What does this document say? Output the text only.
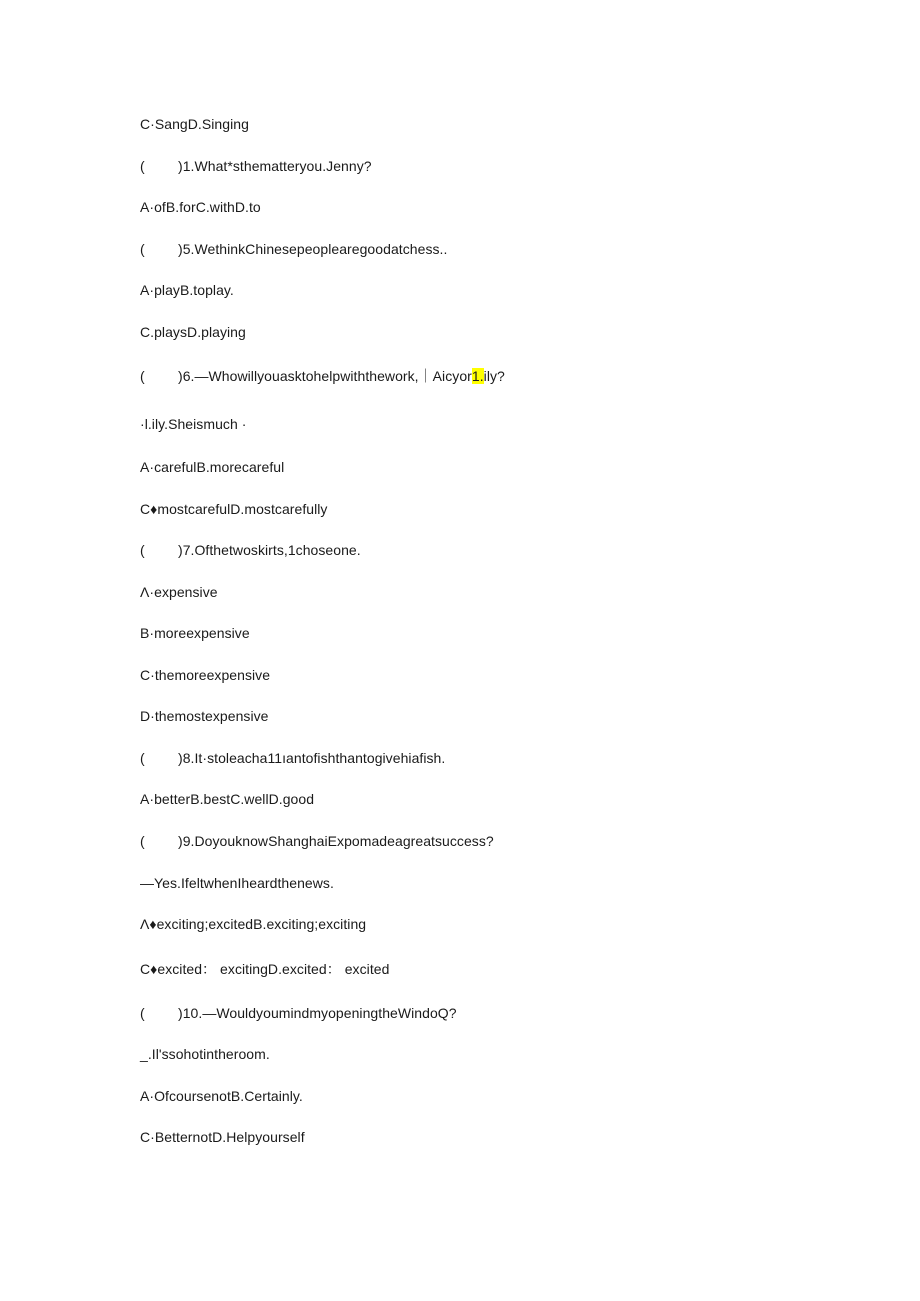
C·SangD.Singing
( )1.What*sthematteryou.Jenny?
A·ofB.forC.withD.to
( )5.WethinkChinesepeoplearegoodatchess..
A·playB.toplay.
C.playsD.playing
( )6.—Whowillyouasktohelpwiththework,｜Aicyor1.ily?
·l.ily.Sheismuch ·
A·carefulB.morecareful
C♦mostcarefulD.mostcarefully
( )7.Ofthetwoskirts,1choseone.
Λ·expensive
B·moreexpensive
C·themoreexpensive
D·themostexpensive
( )8.It·stoleacha11ıantofishthantogivehiafish.
A·betterB.bestC.wellD.good
( )9.DoyouknowShanghaiExpomadeagreatsuccess?
—Yes.IfeltwhenIheardthenews.
Λ♦exciting;excitedB.exciting;exciting
C♦excited： excitingD.excited： excited
( )10.—WouldyoumindmyopeningtheWindoQ?
_.Il'ssohotintheroom.
A·OfcoursenotB.Certainly.
C·BetternotD.Helpyourself
